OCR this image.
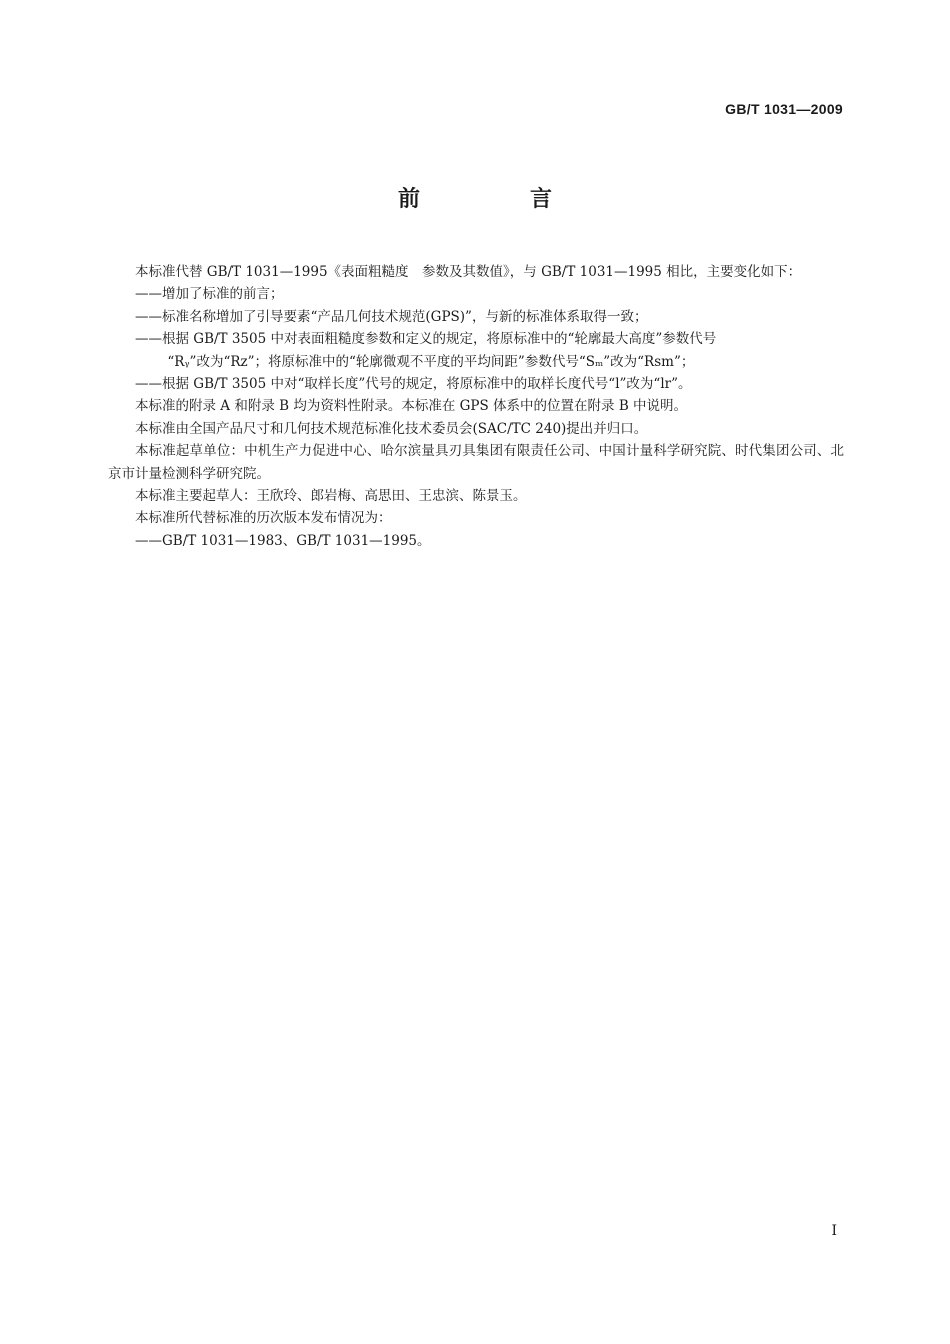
GB/T 1031—2009
前　言

本标准代替 GB/T 1031—1995《表面粗糙度　参数及其数值》，与 GB/T 1031—1995 相比，主要变化如下：

——增加了标准的前言；

——标准名称增加了引导要素“产品几何技术规范(GPS)”，与新的标准体系取得一致；

——根据 GB/T 3505 中对表面粗糙度参数和定义的规定，将原标准中的“轮廓最大高度”参数代号

“Rᵧ”改为“Rz”；将原标准中的“轮廓微观不平度的平均间距”参数代号“Sₘ”改为“Rsm”；

——根据 GB/T 3505 中对“取样长度”代号的规定，将原标准中的取样长度代号“l”改为“lr”。

本标准的附录 A 和附录 B 均为资料性附录。本标准在 GPS 体系中的位置在附录 B 中说明。

本标准由全国产品尺寸和几何技术规范标准化技术委员会(SAC/TC 240)提出并归口。

本标准起草单位：中机生产力促进中心、哈尔滨量具刃具集团有限责任公司、中国计量科学研究院、时代集团公司、北京市计量检测科学研究院。

本标准主要起草人：王欣玲、郎岩梅、高思田、王忠滨、陈景玉。

本标准所代替标准的历次版本发布情况为：

——GB/T 1031—1983、GB/T 1031—1995。

I
